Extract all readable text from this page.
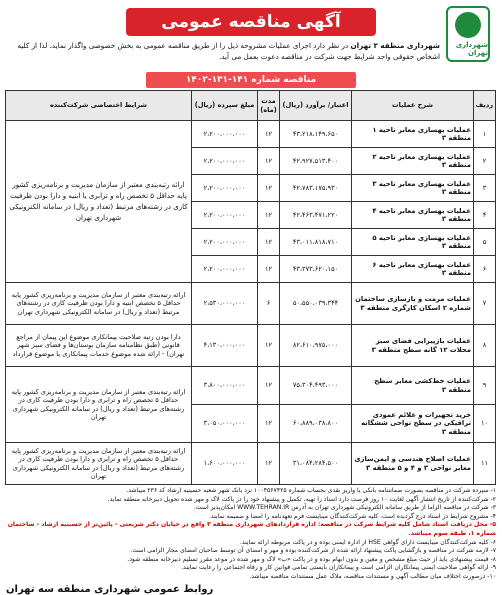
آگهی مناقصه عمومی
شهرداری تهران
شهرداری منطقه ۳ تهران در نظر دارد اجرای عملیات مشروحه ذیل را از طریق مناقصه عمومی به بخش خصوصی واگذار نماید، لذا از کلیه اشخاص حقوقی واجد شرایط جهت شرکت در مناقصه دعوت بعمل می آید.
مناقصه شماره ۱۴۱-۱۳۱-۱۴۰۲
ردیف	شرح عملیات	اعتبار/ برآورد (ریال)	مدت (ماه)	مبلغ سپرده (ریال)	شرایط اختصاصی شرکت‌کننده
۱	عملیات بهسازی معابر ناحیه ۱ منطقه ۳	۴۳،۲۱۸،۱۴۹،۶۵۰	۱۲	۲،۲۰۰،۰۰۰،۰۰۰	ارائه رتبه‌بندی معتبر از سازمان مدیریت و برنامه‌ریزی کشور پایه حداقل ۵ تخصص راه و ترابری یا ابنیه و دارا بودن ظرفیت کاری در رشته‌های مرتبط (تعداد و ریال) در سامانه الکترونیکی شهرداری تهران
۲	عملیات بهسازی معابر ناحیه ۲ منطقه ۳	۴۲،۹۲۷،۵۱۳،۴۰۰	۱۲	۲،۲۰۰،۰۰۰،۰۰۰	
۳	عملیات بهسازی معابر ناحیه ۳ منطقه ۳	۴۲،۷۸۳،۱۷۵،۹۳۰	۱۲	۲،۲۰۰،۰۰۰،۰۰۰	
۴	عملیات بهسازی معابر ناحیه ۴ منطقه ۳	۴۲،۴۶۳،۴۷۱،۲۲۰	۱۲	۲،۲۰۰،۰۰۰،۰۰۰	
۵	عملیات بهسازی معابر ناحیه ۵ منطقه ۳	۴۳،۰۱۱،۸۱۸،۷۱۰	۱۲	۲،۲۰۰،۰۰۰،۰۰۰	
۶	عملیات بهسازی معابر ناحیه ۶ منطقه ۳	۴۳،۳۷۳،۶۲۰،۱۵۰	۱۲	۲،۲۰۰،۰۰۰،۰۰۰	
۷	عملیات مرمت و بازسازی ساختمان شماره ۲ اسکان کارگری منطقه ۳	۵۰،۵۵۰،۰۳۹،۳۴۴	۶	۲،۵۳۰،۰۰۰،۰۰۰	ارائه رتبه‌بندی معتبر از سازمان مدیریت و برنامه‌ریزی کشور پایه حداقل ۵ تخصص ابنیه و دارا بودن ظرفیت کاری در رشته‌های مرتبط (تعداد و ریال) در سامانه الکترونیکی شهرداری تهران
۸	عملیات بازپیرایی فضای سبز محلات ۱۲ گانه سطح منطقه ۳	۸۲،۶۱۰،۹۷۵،۰۰۰	۱۲	۴،۱۳۰،۰۰۰،۰۰۰	دارا بودن رتبه صلاحیت پیمانکاری موضوع این پیمان از مراجع قانونی (طبق نظامنامه سازمان بوستان‌ها و فضای سبز شهر تهران) - ارائه شده موضوع خدمات پیمانکاری با موضوع قرارداد
۹	عملیات خط‌کشی معابر سطح منطقه ۳	۷۵،۳۰۴،۴۹۳،۰۰۰	۱۲	۳،۸۰۰،۰۰۰،۰۰۰	ارائه رتبه‌بندی معتبر از سازمان مدیریت و برنامه‌ریزی کشور پایه حداقل ۵ تخصص راه و ترابری و دارا بودن ظرفیت کاری در رشته‌های مرتبط (تعداد و ریال) در سامانه الکترونیکی شهرداری تهران
۱۰	خرید تجهیزات و علائم عمودی ترافیکی در سطح نواحی ششگانه منطقه ۳	۶۰،۸۸۹،۰۳۸،۸۰۰	۱۲	۳،۰۵۰،۰۰۰،۰۰۰	
۱۱	عملیات اصلاح هندسی و ایمن‌سازی معابر نواحی ۳ و ۴ و ۵ منطقه ۳	۳۱،۰۸۴،۲۸۴،۵۰۰	۱۲	۱،۶۰۰،۰۰۰،۰۰۰	ارائه رتبه‌بندی معتبر از سازمان مدیریت و برنامه‌ریزی کشور پایه حداقل ۵ تخصص راه و ترابری و دارا بودن ظرفیت کاری در رشته‌های مرتبط (تعداد و ریال) در سامانه الکترونیکی شهرداری تهران

۱- سپرده شرکت در مناقصه بصورت ضمانتنامه بانکی یا واریز نقدی بحساب شماره ۱۰۰۴۵۶۷۴۲۵ نزد بانک شهر شعبه حسینیه ارشاد کد ۲۳۶ میباشد.

۲- شرکت‌کننده از تاریخ انتشار آگهی لغایت ۱۰ روز فرصت دارد اسناد را تهیه، تکمیل و پیشنهاد خود را در پاکت لاک و مهر شده تحویل دبیرخانه منطقه نماید.

۳- شرکت در مناقصه الزاما از طریق سامانه الکترونیکی شهرداری تهران به آدرس WWW.TEHRAN.IR امکان‌پذیر است.

۴- مشروح شرایط در اسناد درج گردیده است. کلیه شرکت‌کنندگان میبایست فرم تعهدنامه را امضا و ضمیمه نمایند.

۵- محل دریافت اسناد شامل کلیه شرایط شرکت در مناقصه: اداره قراردادهای شهرداری منطقه ۳ واقع در خیابان دکتر شریعتی - پائین‌تر از حسینیه ارشاد - ساختمان شماره ۱، طبقه سوم میباشد.

۶- کلیه شرکت‌کنندگان میبایست دارای گواهی HSE از اداره ایمنی بوده و در پاکت مربوطه ارائه نمایند.

۷- لازمه شرکت در مناقصه و بازگشایی پاکت پیشنهاد ارائه شده از شرکت‌کننده بوده و مهر و امضای آن توسط صاحبان امضای مجاز الزامی است.

۸- قیمت پیشنهادی باید از حیث مبلغ مشخص و معین و بدون ابهام بوده و در پاکت «ب» لاک و مهر شده در موعد مقرر تسلیم دبیرخانه منطقه شود.

۹- ارائه گواهی صلاحیت ایمنی پیمانکاران الزامی است و پیمانکاران بایستی تمامی قوانین کار و رفاه اجتماعی را رعایت نمایند.

۱۰- درصورت اختلاف میان مطالب آگهی و مستندات مناقصه، ملاک عمل مستندات مناقصه میباشد.

روابط عمومی شهرداری منطقه سه تهران
